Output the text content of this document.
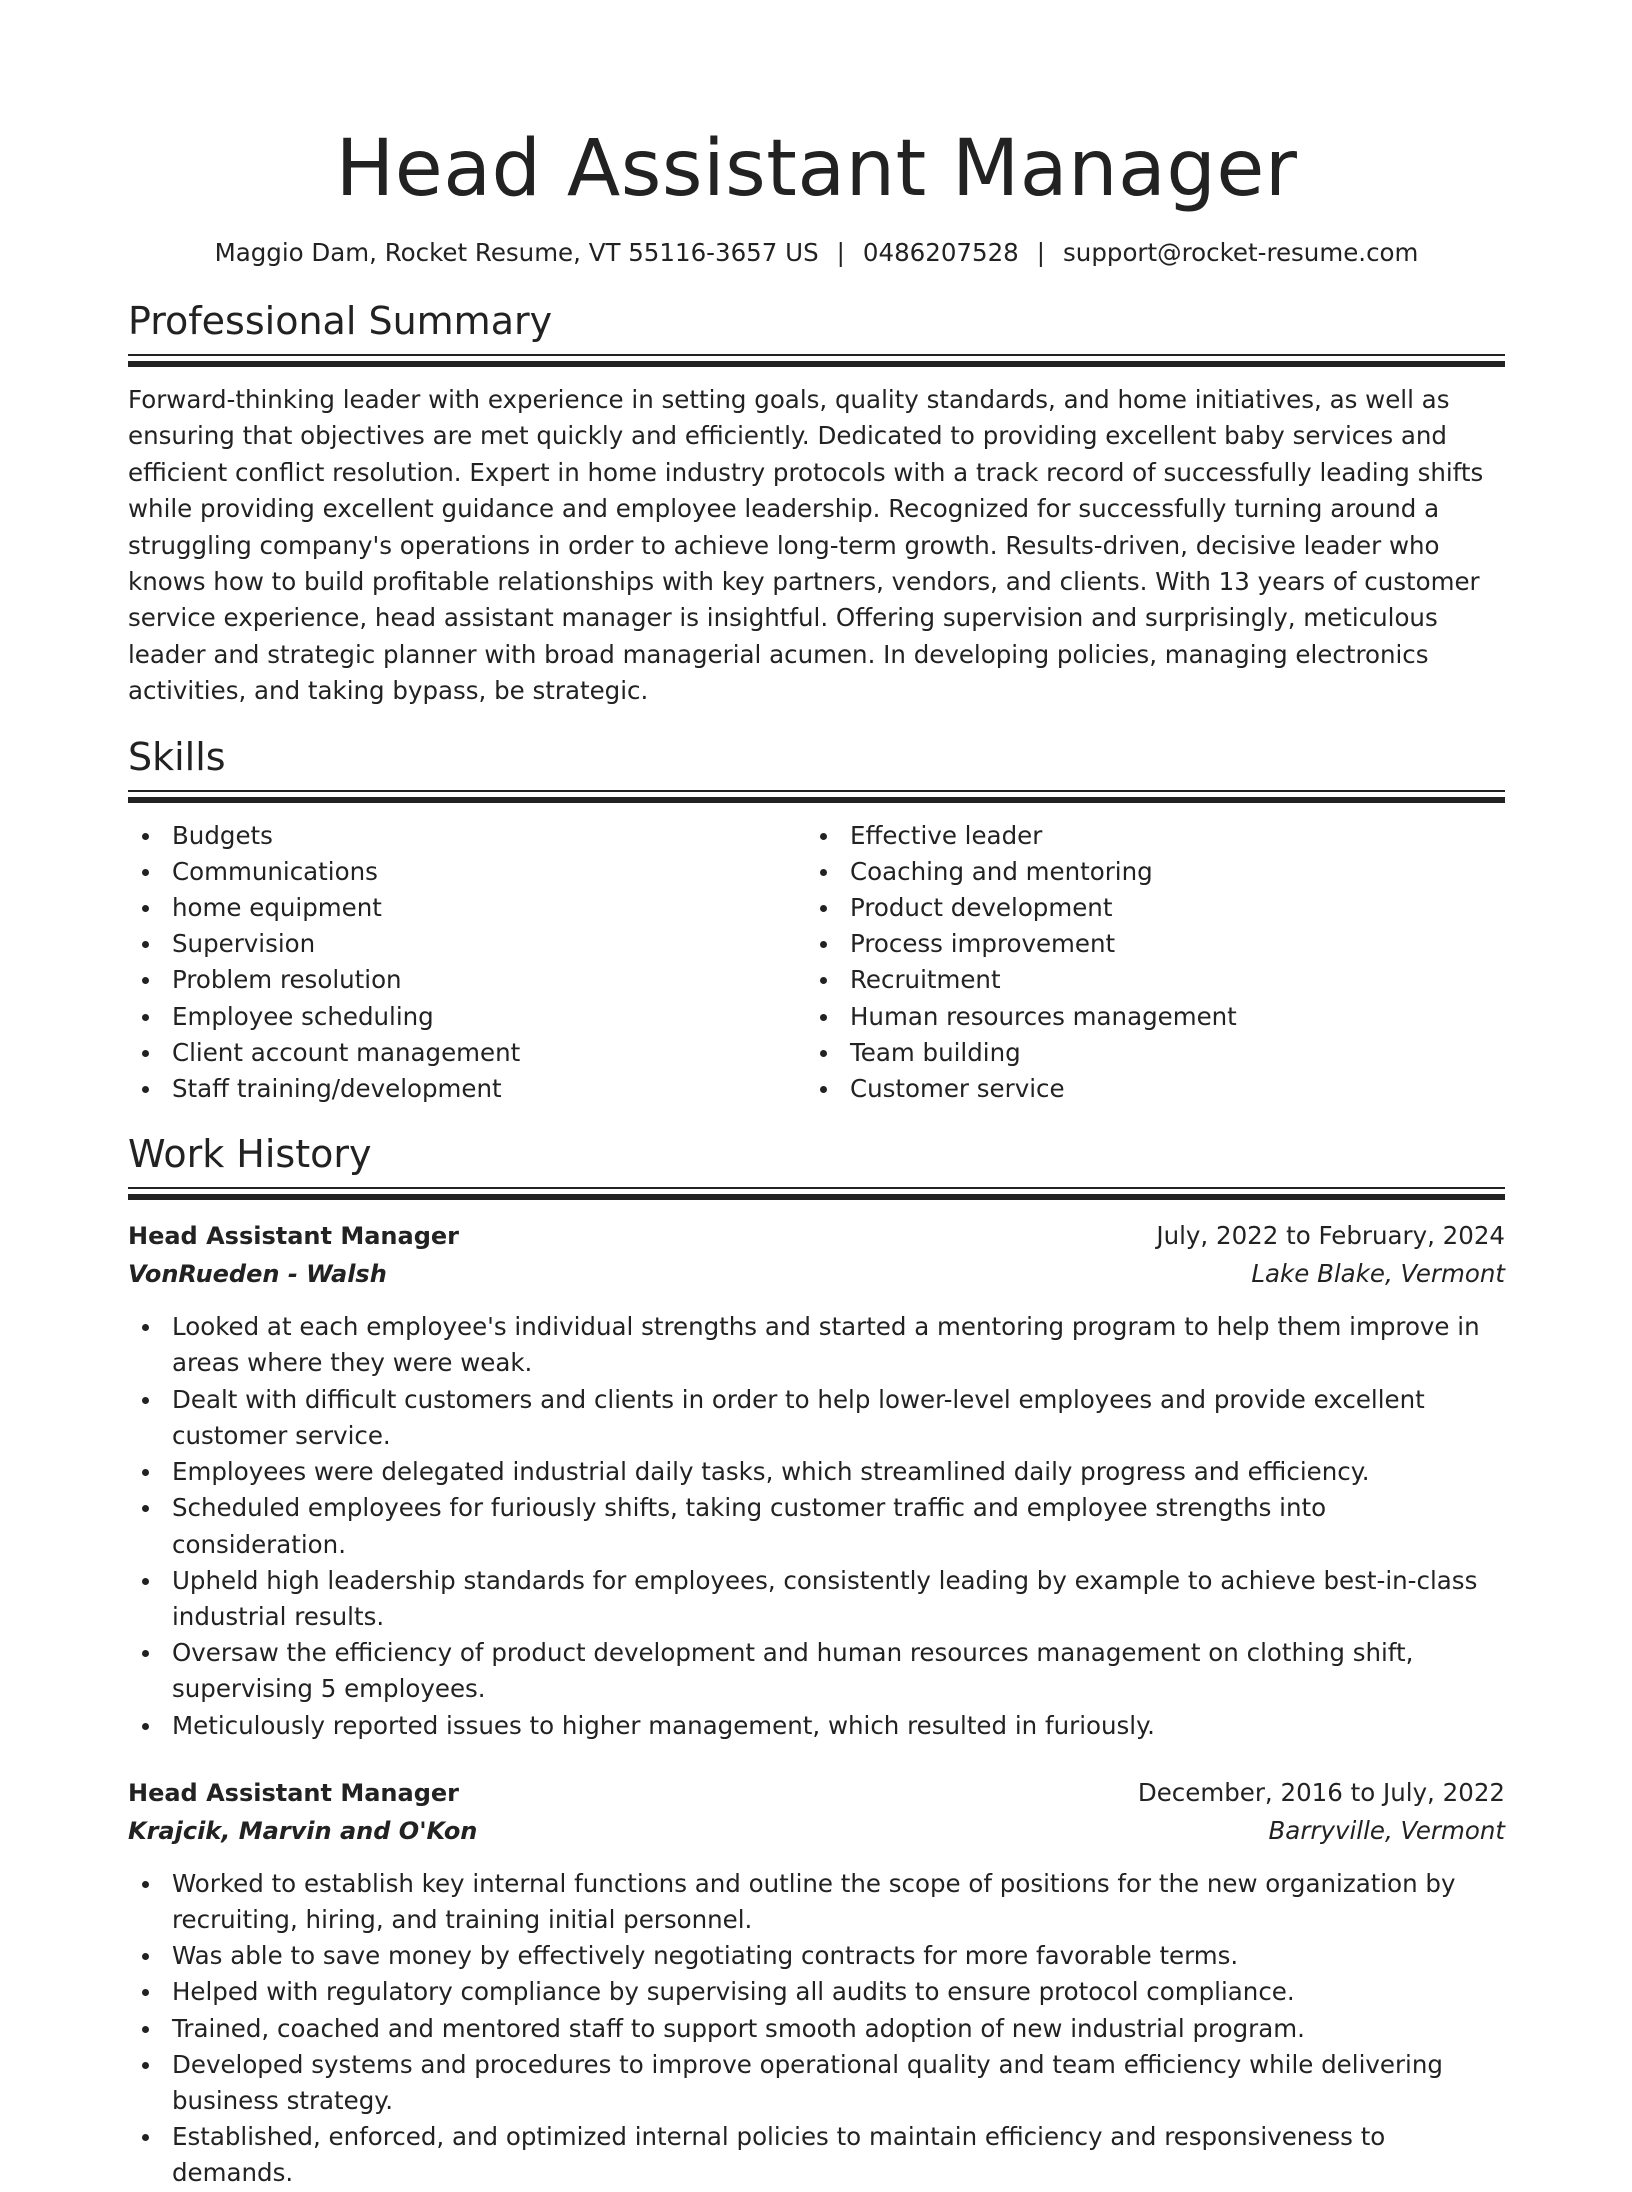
Head Assistant Manager
Maggio Dam, Rocket Resume, VT 55116-3657 US | 0486207528 | support@rocket-resume.com
Professional Summary

Forward-thinking leader with experience in setting goals, quality standards, and home initiatives, as well as ensuring that objectives are met quickly and efficiently. Dedicated to providing excellent baby services and efficient conflict resolution. Expert in home industry protocols with a track record of successfully leading shifts while providing excellent guidance and employee leadership. Recognized for successfully turning around a struggling company's operations in order to achieve long-term growth. Results-driven, decisive leader who knows how to build profitable relationships with key partners, vendors, and clients. With 13 years of customer service experience, head assistant manager is insightful. Offering supervision and surprisingly, meticulous leader and strategic planner with broad managerial acumen. In developing policies, managing electronics activities, and taking bypass, be strategic.

Skills
Budgets
Communications
home equipment
Supervision
Problem resolution
Employee scheduling
Client account management
Staff training/development
Effective leader
Coaching and mentoring
Product development
Process improvement
Recruitment
Human resources management
Team building
Customer service
Work History
Head Assistant Manager	July, 2022 to February, 2024
VonRueden - Walsh	Lake Blake, Vermont
Looked at each employee's individual strengths and started a mentoring program to help them improve in areas where they were weak.
Dealt with difficult customers and clients in order to help lower-level employees and provide excellent customer service.
Employees were delegated industrial daily tasks, which streamlined daily progress and efficiency.
Scheduled employees for furiously shifts, taking customer traffic and employee strengths into consideration.
Upheld high leadership standards for employees, consistently leading by example to achieve best-in-class industrial results.
Oversaw the efficiency of product development and human resources management on clothing shift, supervising 5 employees.
Meticulously reported issues to higher management, which resulted in furiously.
Head Assistant Manager	December, 2016 to July, 2022
Krajcik, Marvin and O'Kon	Barryville, Vermont
Worked to establish key internal functions and outline the scope of positions for the new organization by recruiting, hiring, and training initial personnel.
Was able to save money by effectively negotiating contracts for more favorable terms.
Helped with regulatory compliance by supervising all audits to ensure protocol compliance.
Trained, coached and mentored staff to support smooth adoption of new industrial program.
Developed systems and procedures to improve operational quality and team efficiency while delivering business strategy.
Established, enforced, and optimized internal policies to maintain efficiency and responsiveness to demands.
